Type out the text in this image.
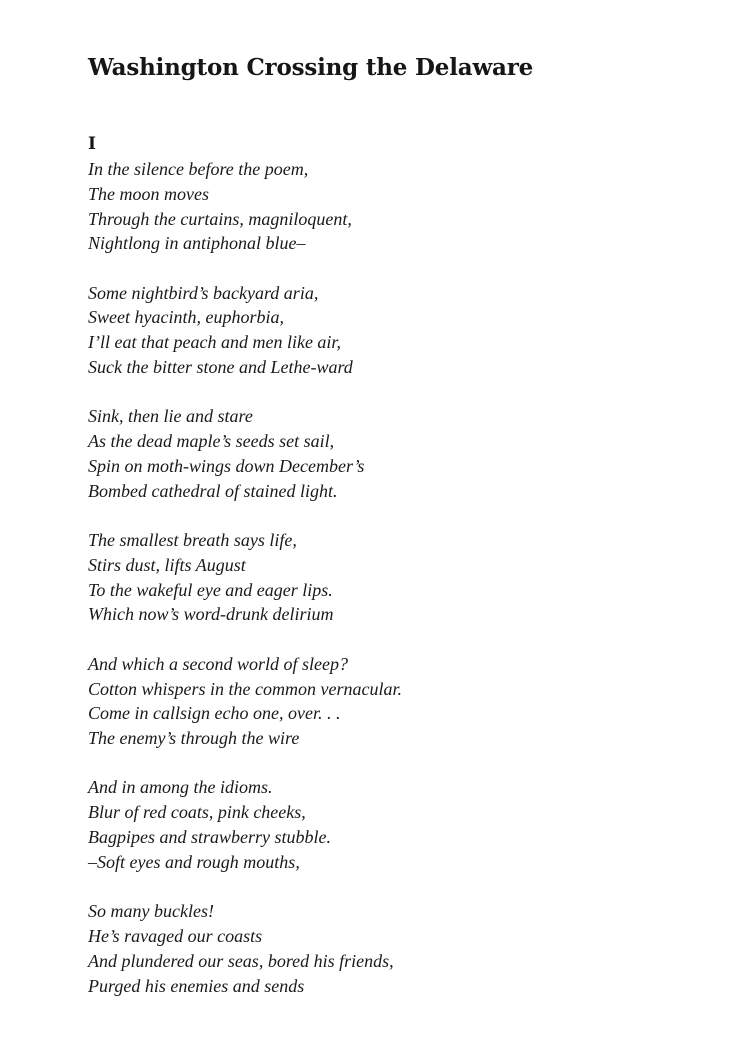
Washington Crossing the Delaware
I
In the silence before the poem,
The moon moves
Through the curtains, magniloquent,
Nightlong in antiphonal blue–
Some nightbird’s backyard aria,
Sweet hyacinth, euphorbia,
I’ll eat that peach and men like air,
Suck the bitter stone and Lethe-ward
Sink, then lie and stare
As the dead maple’s seeds set sail,
Spin on moth-wings down December’s
Bombed cathedral of stained light.
The smallest breath says life,
Stirs dust, lifts August
To the wakeful eye and eager lips.
Which now’s word-drunk delirium
And which a second world of sleep?
Cotton whispers in the common vernacular.
Come in callsign echo one, over. . .
The enemy’s through the wire
And in among the idioms.
Blur of red coats, pink cheeks,
Bagpipes and strawberry stubble.
–Soft eyes and rough mouths,
So many buckles!
He’s ravaged our coasts
And plundered our seas, bored his friends,
Purged his enemies and sends
